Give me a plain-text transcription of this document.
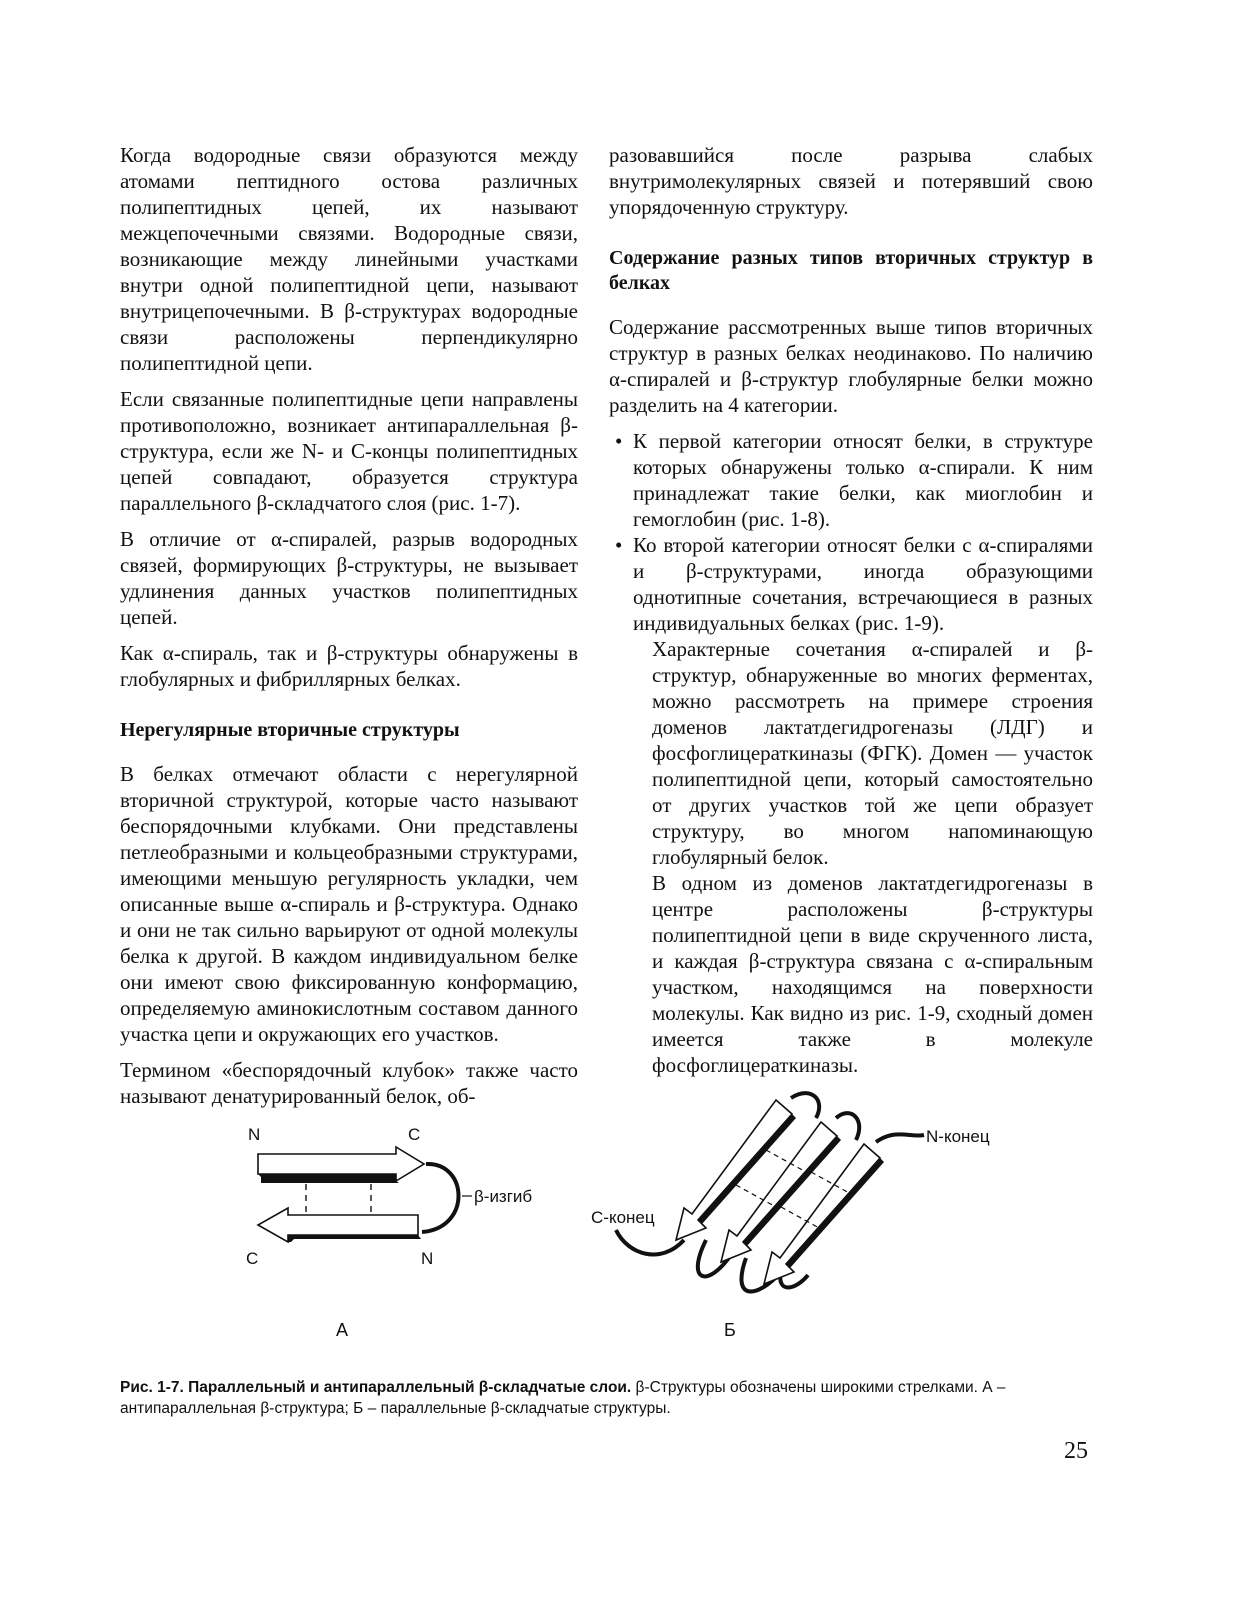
Когда водородные связи образуются между атомами пептидного остова различных полипептидных цепей, их называют межцепочечными связями. Водородные связи, возникающие между линейными участками внутри одной полипептидной цепи, называют внутрицепочечными. В β-структурах водородные связи расположены перпендикулярно полипептидной цепи.

Если связанные полипептидные цепи направлены противоположно, возникает антипараллельная β-структура, если же N- и С-концы полипептидных цепей совпадают, образуется структура параллельного β-складчатого слоя (рис. 1-7).

В отличие от α-спиралей, разрыв водородных связей, формирующих β-структуры, не вызывает удлинения данных участков полипептидных цепей.

Как α-спираль, так и β-структуры обнаружены в глобулярных и фибриллярных белках.

Нерегулярные вторичные структуры

В белках отмечают области с нерегулярной вторичной структурой, которые часто называют беспорядочными клубками. Они представлены петлеобразными и кольцеобразными структурами, имеющими меньшую регулярность укладки, чем описанные выше α-спираль и β-структура. Однако и они не так сильно варьируют от одной молекулы белка к другой. В каждом индивидуальном белке они имеют свою фиксированную конформацию, определяемую аминокислотным составом данного участка цепи и окружающих его участков.

Термином «беспорядочный клубок» также часто называют денатурированный белок, об-

разовавшийся после разрыва слабых внутримолекулярных связей и потерявший свою упорядоченную структуру.

Содержание разных типов вторичных структур в белках

Содержание рассмотренных выше типов вторичных структур в разных белках неодинаково. По наличию α-спиралей и β-структур глобулярные белки можно разделить на 4 категории.

• К первой категории относят белки, в структуре которых обнаружены только α-спирали. К ним принадлежат такие белки, как миоглобин и гемоглобин (рис. 1-8).
• Ко второй категории относят белки с α-спиралями и β-структурами, иногда образующими однотипные сочетания, встречающиеся в разных индивидуальных белках (рис. 1-9).

Характерные сочетания α-спиралей и β-структур, обнаруженные во многих ферментах, можно рассмотреть на примере строения доменов лактатдегидрогеназы (ЛДГ) и фосфоглицераткиназы (ФГК). Домен — участок полипептидной цепи, который самостоятельно от других участков той же цепи образует структуру, во многом напоминающую глобулярный белок.

В одном из доменов лактатдегидрогеназы в центре расположены β-структуры полипептидной цепи в виде скрученного листа, и каждая β-структура связана с α-спиральным участком, находящимся на поверхности молекулы. Как видно из рис. 1-9, сходный домен имеется также в молекуле фосфоглицераткиназы.

N	C
β-изгиб
C	N
А
С-конец
N-конец
Б
Рис. 1-7. Параллельный и антипараллельный β-складчатые слои. β-Структуры обозначены широкими стрелками. А – антипараллельная β-структура; Б – параллельные β-складчатые структуры.
25
